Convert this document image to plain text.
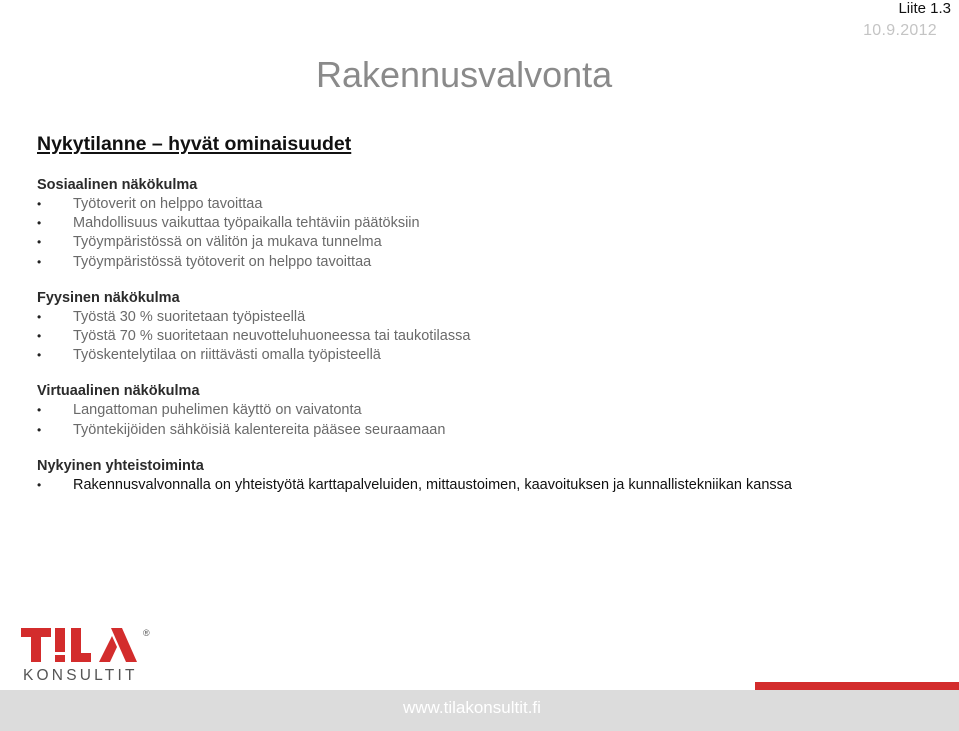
Liite 1.3
10.9.2012
Rakennusvalvonta
Nykytilanne – hyvät ominaisuudet
Sosiaalinen näkökulma
• Työtoverit on helppo tavoittaa
• Mahdollisuus vaikuttaa työpaikalla tehtäviin päätöksiin
• Työympäristössä on välitön ja mukava tunnelma
• Työympäristössä työtoverit on helppo tavoittaa
Fyysinen näkökulma
• Työstä 30 % suoritetaan työpisteellä
• Työstä 70 % suoritetaan neuvotteluhuoneessa tai taukotilassa
• Työskentelytilaa on riittävästi omalla työpisteellä
Virtuaalinen näkökulma
• Langattoman puhelimen käyttö on vaivatonta
• Työntekijöiden sähköisiä kalentereita pääsee seuraamaan
Nykyinen yhteistoiminta
• Rakennusvalvonnalla on yhteistyötä karttapalveluiden, mittaustoimen, kaavoituksen ja kunnallistekniikan kanssa
®
KONSULTIT
www.tilakonsultit.fi
